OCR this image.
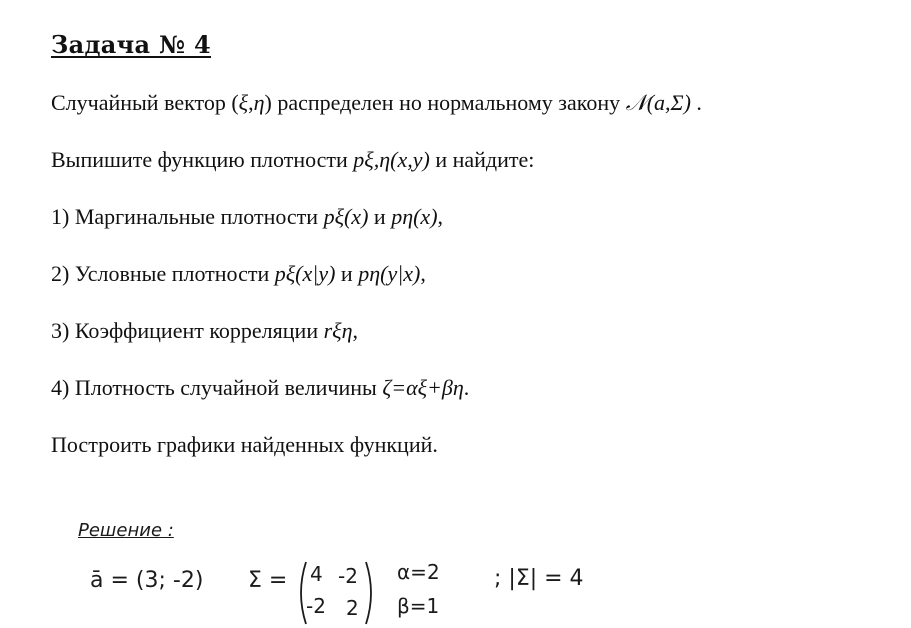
Задача № 4
Случайный вектор (ξ,η) распределен но нормальному закону 𝒩(a,Σ) .
Выпишите функцию плотности pξ,η(x,y) и найдите:
1) Маргинальные плотности pξ(x) и pη(x),
2) Условные плотности pξ(x|y) и pη(y|x),
3) Коэффициент корреляции rξη,
4) Плотность случайной величины ζ=αξ+βη.
Построить графики найденных функций.
Решение :
ā = (3; -2) Σ = 4 -2
-2 2
α=2
β=1
; |Σ| = 4
